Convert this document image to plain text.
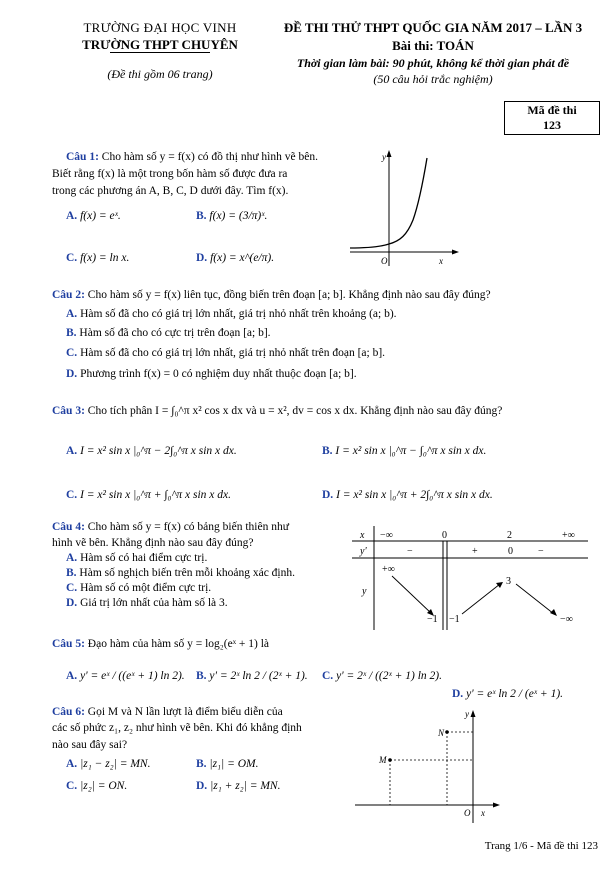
TRƯỜNG ĐẠI HỌC VINH
TRƯỜNG THPT CHUYÊN
(Đề thi gồm 06 trang)
ĐỀ THI THỬ THPT QUỐC GIA NĂM 2017 – LẦN 3
Bài thi: TOÁN
Thời gian làm bài: 90 phút, không kể thời gian phát đề
(50 câu hỏi trắc nghiệm)
Mã đề thi
123
Câu 1: Cho hàm số y = f(x) có đồ thị như hình vẽ bên.
Biết rằng f(x) là một trong bốn hàm số được đưa ra
trong các phương án A, B, C, D dưới đây. Tìm f(x).
A. f(x) = eˣ.	B. f(x) = (3/π)ˣ.
C. f(x) = ln x.	D. f(x) = x^(e/π).
y
x
O
Câu 2: Cho hàm số y = f(x) liên tục, đồng biến trên đoạn [a; b]. Khẳng định nào sau đây đúng?
A. Hàm số đã cho có giá trị lớn nhất, giá trị nhỏ nhất trên khoảng (a; b).
B. Hàm số đã cho có cực trị trên đoạn [a; b].
C. Hàm số đã cho có giá trị lớn nhất, giá trị nhỏ nhất trên đoạn [a; b].
D. Phương trình f(x) = 0 có nghiệm duy nhất thuộc đoạn [a; b].
Câu 3: Cho tích phân I = ∫₀^π x² cos x dx và u = x², dv = cos x dx. Khẳng định nào sau đây đúng?
A. I = x² sin x |₀^π − 2∫₀^π x sin x dx.	B. I = x² sin x |₀^π − ∫₀^π x sin x dx.
C. I = x² sin x |₀^π + ∫₀^π x sin x dx.	D. I = x² sin x |₀^π + 2∫₀^π x sin x dx.
Câu 4: Cho hàm số y = f(x) có bảng biến thiên như
hình vẽ bên. Khẳng định nào sau đây đúng?
A. Hàm số có hai điểm cực trị.
B. Hàm số nghịch biến trên mỗi khoảng xác định.
C. Hàm số có một điểm cực trị.
D. Giá trị lớn nhất của hàm số là 3.
x −∞	0	2	+∞
y'	−	+	0	−
y
+∞
−1 −1
3
−∞
Câu 5: Đạo hàm của hàm số y = log₂(eˣ + 1) là
A. y' = eˣ / ((eˣ + 1) ln 2). B. y' = 2ˣ ln 2 / (2ˣ + 1). C. y' = 2ˣ / ((2ˣ + 1) ln 2).
D. y' = eˣ ln 2 / (eˣ + 1).
Câu 6: Gọi M và N lần lượt là điểm biểu diễn của
các số phức z₁, z₂ như hình vẽ bên. Khi đó khẳng định
nào sau đây sai?
A. |z₁ − z₂| = MN.	B. |z₁| = OM.
C. |z₂| = ON.	D. |z₁ + z₂| = MN.
N
M
y
x
O
Trang 1/6 - Mã đề thi 123
